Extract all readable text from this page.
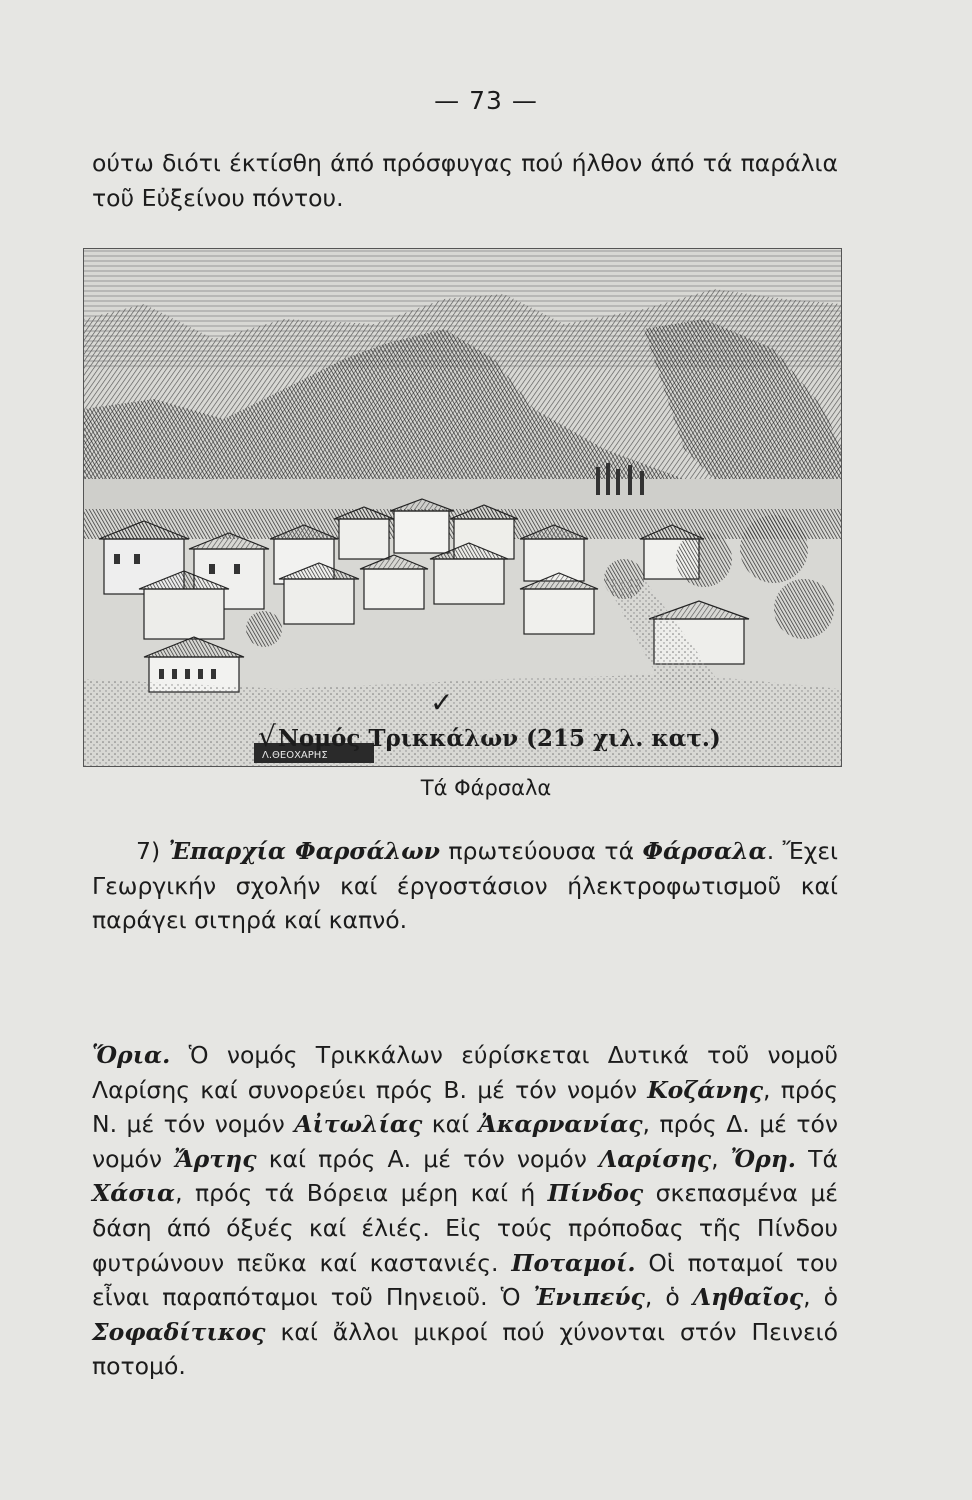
— 73 —

ούτω διότι έκτίσθη άπό πρόσφυγας πού ήλθον άπό τά παράλια τοῦ Εὐξείνου πόντου.

Λ.ΘΕΟΧΑΡΗΣ
Τά Φάρσαλα

7) Ἐπαρχία Φαρσάλων πρωτεύουσα τά Φάρσαλα. Ἔχει Γεωργικήν σχολήν καί έργοστάσιον ήλεκτροφωτισμοῦ καί παράγει σιτηρά καί καπνό.

✓
√Νομός Τρικκάλων (215 χιλ. κατ.)

Ὅρια. Ὁ νομός Τρικκάλων εύρίσκεται Δυτικά τοῦ νομοῦ Λαρίσης καί συνορεύει πρός Β. μέ τόν νομόν Κοζάνης, πρός Ν. μέ τόν νομόν Αἰτωλίας καί Ἀκαρνανίας, πρός Δ. μέ τόν νομόν Ἄρτης καί πρός Α. μέ τόν νομόν Λαρίσης, Ὄρη. Τά Χάσια, πρός τά Βόρεια μέρη καί ή Πίνδος σκεπασμένα μέ δάση άπό όξυές καί έλιές. Εἰς τούς πρόποδας τῆς Πίνδου φυτρώνουν πεῦκα καί καστανιές. Ποταμοί. Οἱ ποταμοί του εἶναι παραπόταμοι τοῦ Πηνειοῦ. Ὁ Ἐνιπεύς, ὁ Ληθαῖος, ὁ Σοφαδίτικος καί ἄλλοι μικροί πού χύνονται στόν Πεινειό ποτομό.
